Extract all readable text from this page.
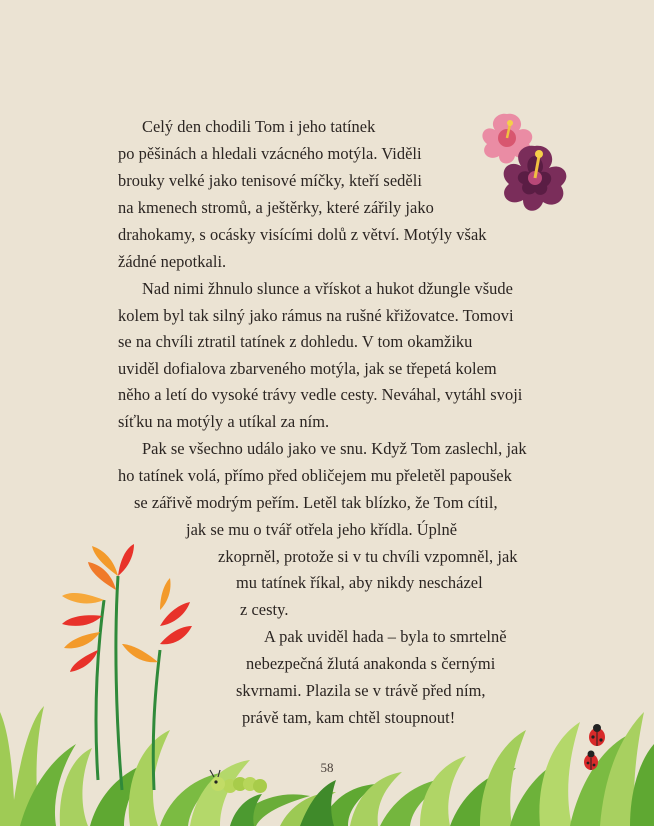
Celý den chodili Tom i jeho tatínek
po pěšinách a hledali vzácného motýla. Viděli
brouky velké jako tenisové míčky, kteří seděli
na kmenech stromů, a ještěrky, které zářily jako
drahokamy, s ocásky visícími dolů z větví. Motýly však
žádné nepotkali.
Nad nimi žhnulo slunce a vřískot a hukot džungle všude
kolem byl tak silný jako rámus na rušné křižovatce. Tomovi
se na chvíli ztratil tatínek z dohledu. V tom okamžiku
uviděl dofialova zbarveného motýla, jak se třepetá kolem
něho a letí do vysoké trávy vedle cesty. Neváhal, vytáhl svoji
síťku na motýly a utíkal za ním.
Pak se všechno událo jako ve snu. Když Tom zaslechl, jak
ho tatínek volá, přímo před obličejem mu přeletěl papoušek
se zářivě modrým peřím. Letěl tak blízko, že Tom cítil,
jak se mu o tvář otřela jeho křídla. Úplně
zkoprněl, protože si v tu chvíli vzpomněl, jak
mu tatínek říkal, aby nikdy nescházel
z cesty.
A pak uviděl hada – byla to smrtelně
nebezpečná žlutá anakonda s černými
skvrnami. Plazila se v trávě před ním,
právě tam, kam chtěl stoupnout!
58
